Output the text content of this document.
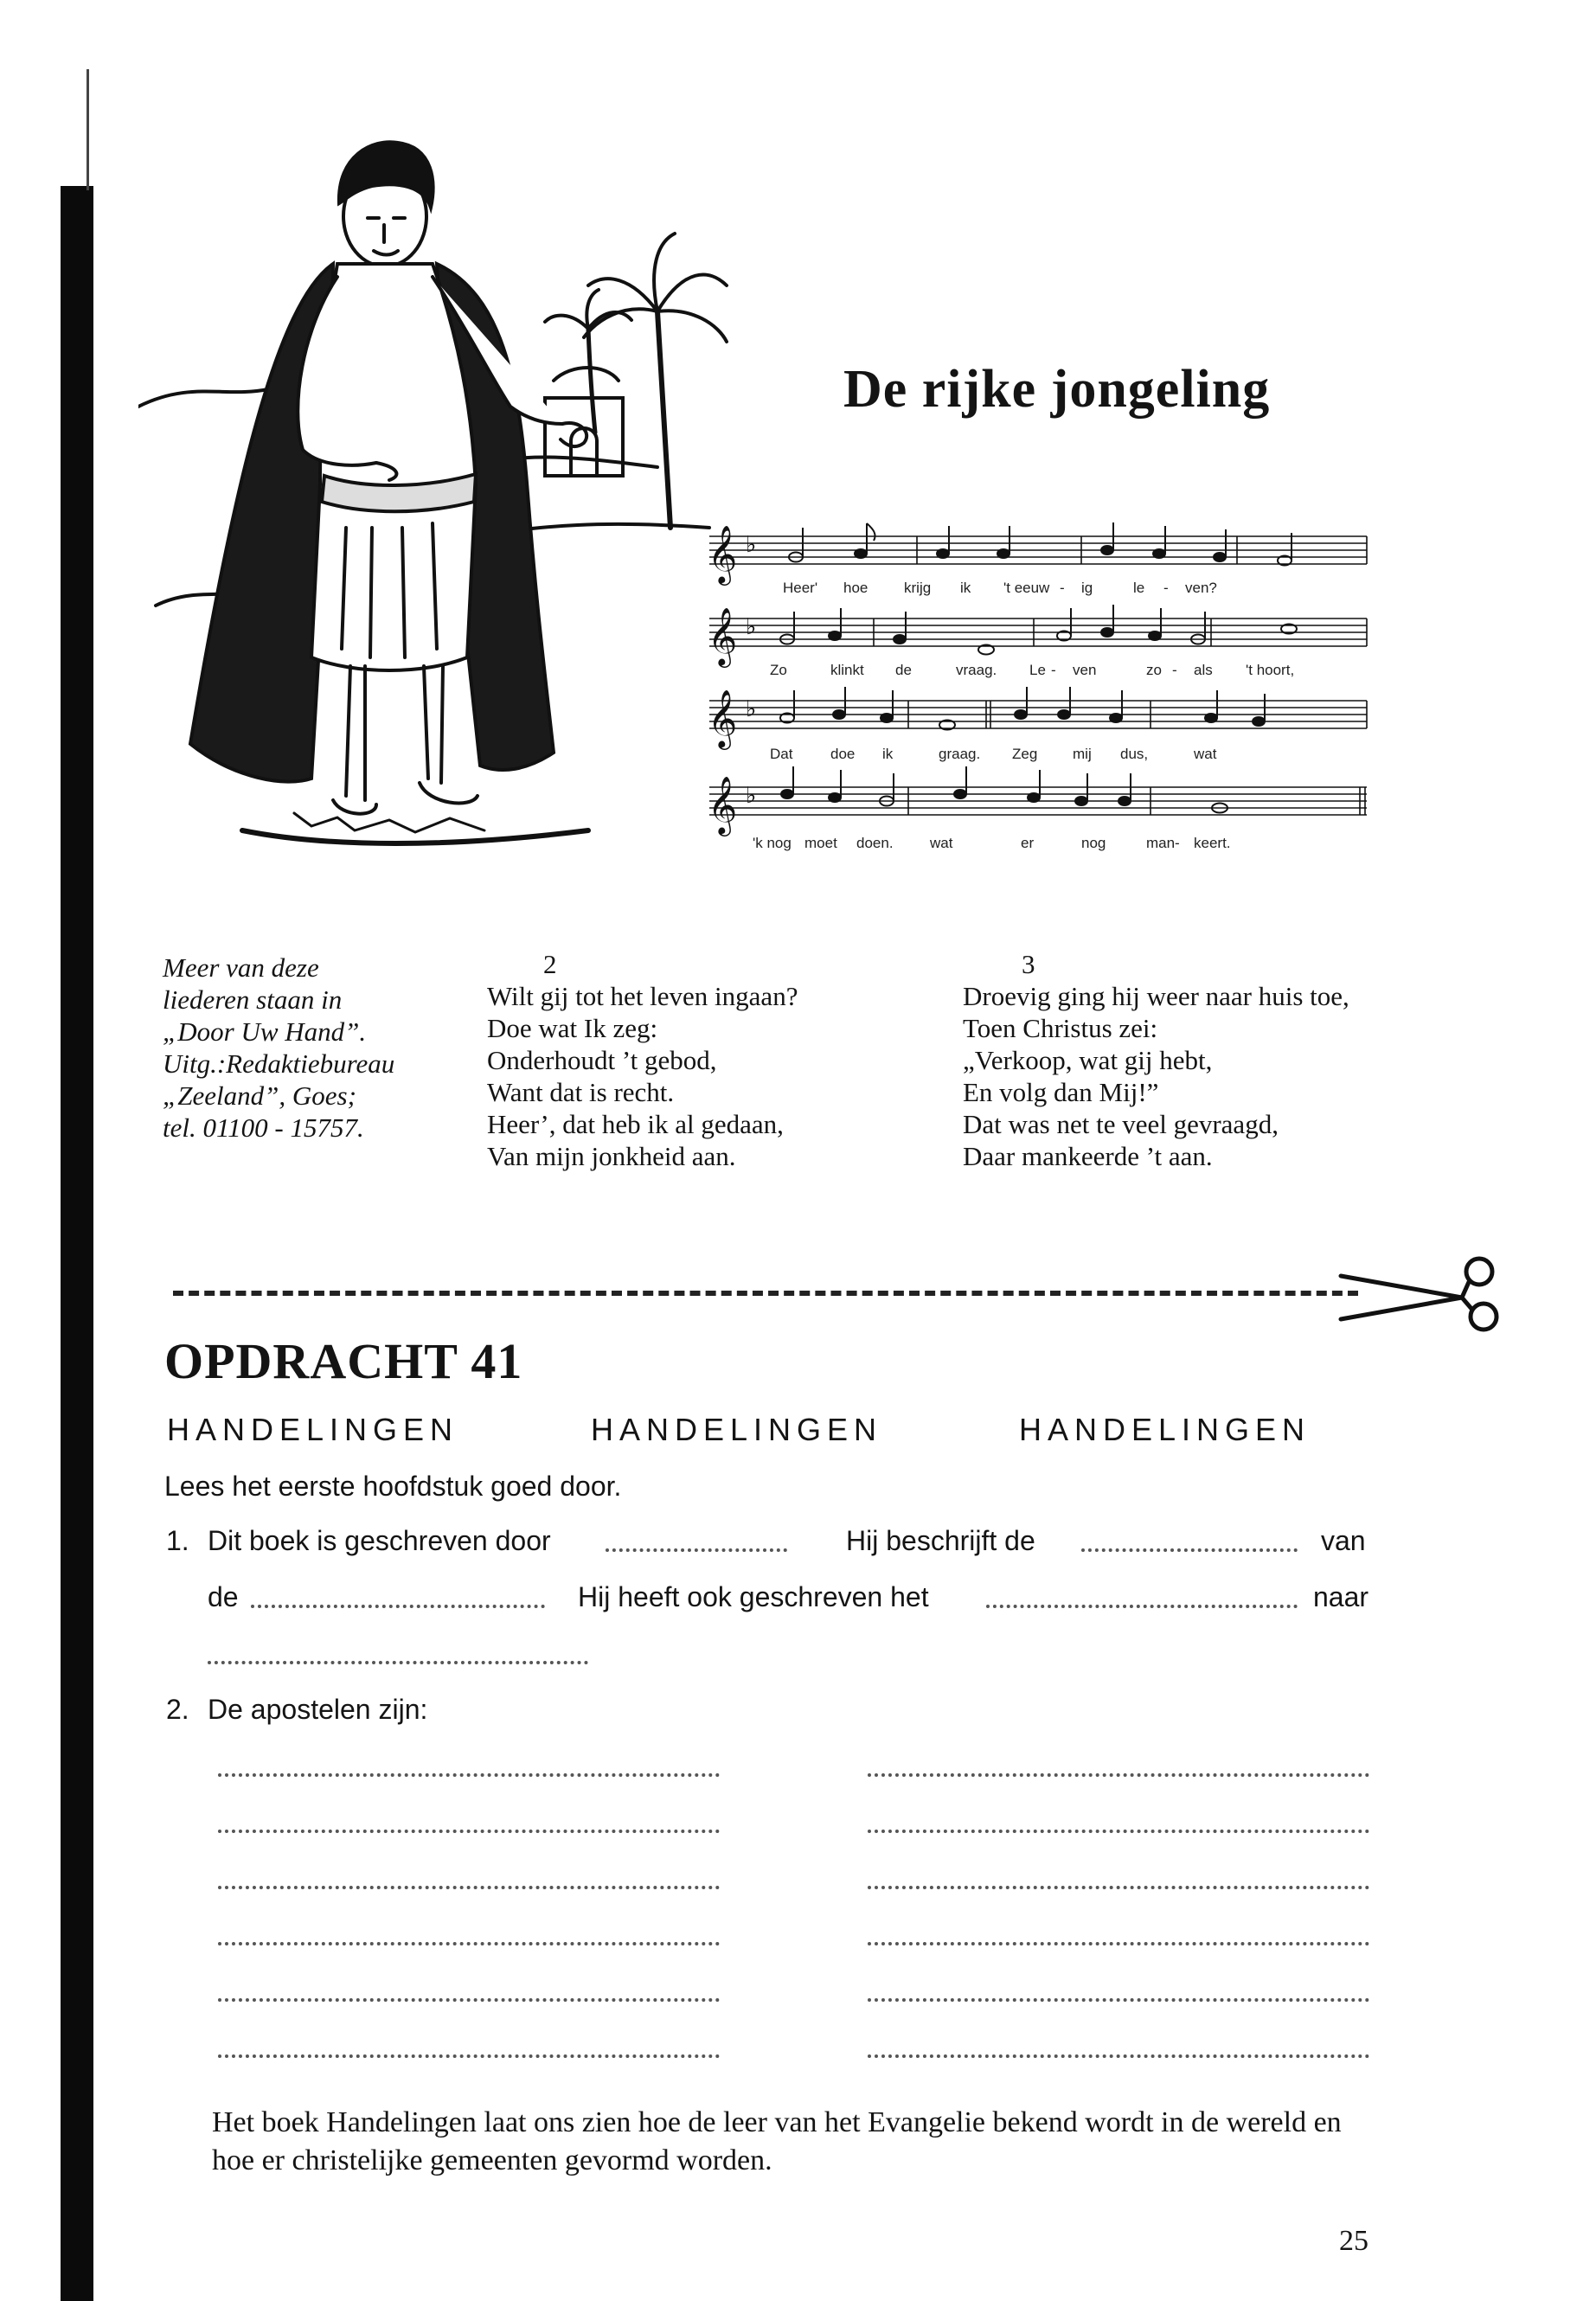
De rijke jongeling
𝄞
𝄞
𝄞
𝄞
♭
♭
♭
♭
Heer' hoe krijg ik 't eeuw - ig	le - ven?
Zo	klinkt de	vraag. Le - ven	zo - als 't hoort,
Dat	doe ik	graag. Zeg mij dus,	wat
'k nog moet doen. wat	er	nog	man- keert.
Meer van deze
liederen staan in
„Door Uw Hand”.
Uitg.:Redaktiebureau
„Zeeland”, Goes;
tel. 01100 - 15757.
2
Wilt gij tot het leven ingaan?
Doe wat Ik zeg:
Onderhoudt ’t gebod,
Want dat is recht.
Heer’, dat heb ik al gedaan,
Van mijn jonkheid aan.
3
Droevig ging hij weer naar huis toe,
Toen Christus zei:
„Verkoop, wat gij hebt,
En volg dan Mij!”
Dat was net te veel gevraagd,
Daar mankeerde ’t aan.
OPDRACHT 41
HANDELINGEN	HANDELINGEN	HANDELINGEN
Lees het eerste hoofdstuk goed door.
1. Dit boek is geschreven door	Hij beschrijft de	van
de	Hij heeft ook geschreven het	naar
2. De apostelen zijn:
Het boek Handelingen laat ons zien hoe de leer van het Evangelie bekend wordt in de wereld en hoe er christelijke gemeenten gevormd worden.
25
